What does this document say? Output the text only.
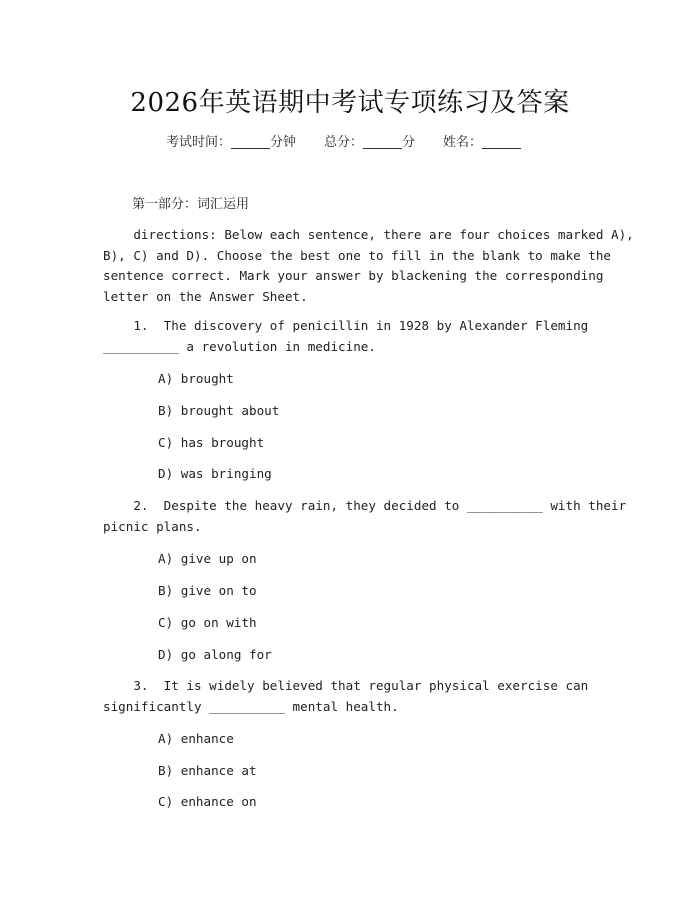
2026年英语期中考试专项练习及答案
考试时间：______分钟 总分：______分 姓名：______
第一部分：词汇运用
directions: Below each sentence, there are four choices marked A),
B), C) and D). Choose the best one to fill in the blank to make the
sentence correct. Mark your answer by blackening the corresponding
letter on the Answer Sheet.
1.  The discovery of penicillin in 1928 by Alexander Fleming
__________ a revolution in medicine.
A) brought
B) brought about
C) has brought
D) was bringing
2.  Despite the heavy rain, they decided to __________ with their
picnic plans.
A) give up on
B) give on to
C) go on with
D) go along for
3.  It is widely believed that regular physical exercise can
significantly __________ mental health.
A) enhance
B) enhance at
C) enhance on
